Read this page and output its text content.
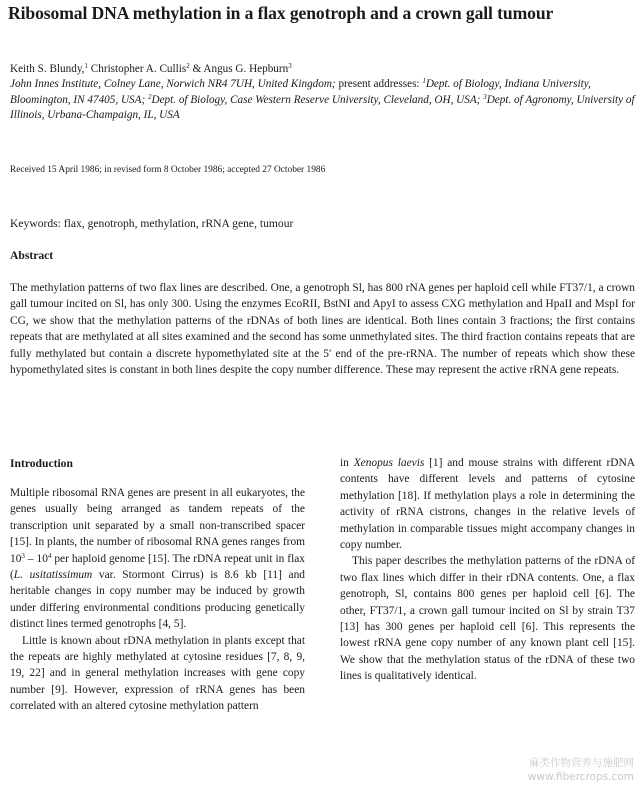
Ribosomal DNA methylation in a flax genotroph and a crown gall tumour
Keith S. Blundy,$^1$ Christopher A. Cullis$^2$ & Angus G. Hepburn$^3$
John Innes Institute, Colney Lane, Norwich NR4 7UH, United Kingdom; present addresses: $^1$Dept. of Biology, Indiana University, Bloomington, IN 47405, USA; $^2$Dept. of Biology, Case Western Reserve University, Cleveland, OH, USA; $^3$Dept. of Agronomy, University of Illinois, Urbana-Champaign, IL, USA
Received 15 April 1986; in revised form 8 October 1986; accepted 27 October 1986
Keywords: flax, genotroph, methylation, rRNA gene, tumour
Abstract
The methylation patterns of two flax lines are described. One, a genotroph Sl, has 800 rNA genes per haploid cell while FT37/1, a crown gall tumour incited on Sl, has only 300. Using the enzymes EcoRII, BstNI and ApyI to assess CXG methylation and HpaII and MspI for CG, we show that the methylation patterns of the rDNAs of both lines are identical. Both lines contain 3 fractions; the first contains repeats that are methylated at all sites examined and the second has some unmethylated sites. The third fraction contains repeats that are fully methylated but contain a discrete hypomethylated site at the 5′ end of the pre-rRNA. The number of repeats which show these hypomethylated sites is constant in both lines despite the copy number difference. These may represent the active rRNA gene repeats.
Introduction

Multiple ribosomal RNA genes are present in all eukaryotes, the genes usually being arranged as tandem repeats of the transcription unit separated by a small non-transcribed spacer [15]. In plants, the number of ribosomal RNA genes ranges from 10$^3$ – 10$^4$ per haploid genome [15]. The rDNA repeat unit in flax (L. usitatissimum var. Stormont Cirrus) is 8.6 kb [11] and heritable changes in copy number may be induced by growth under differing environmental conditions producing genetically distinct lines termed genotrophs [4, 5].

Little is known about rDNA methylation in plants except that the repeats are highly methylated at cytosine residues [7, 8, 9, 19, 22] and in general methylation increases with gene copy number [9]. However, expression of rRNA genes has been correlated with an altered cytosine methylation pattern

in Xenopus laevis [1] and mouse strains with different rDNA contents have different levels and patterns of cytosine methylation [18]. If methylation plays a role in determining the activity of rRNA cistrons, changes in the relative levels of methylation in comparable tissues might accompany changes in copy number.

This paper describes the methylation patterns of the rDNA of two flax lines which differ in their rDNA contents. One, a flax genotroph, Sl, contains 800 genes per haploid cell [6]. The other, FT37/1, a crown gall tumour incited on Sl by strain T37 [13] has 300 genes per haploid cell [6]. This represents the lowest rRNA gene copy number of any known plant cell [15]. We show that the methylation status of the rDNA of these two lines is qualitatively identical.

麻类作物营养与施肥网
www.fibercrops.com
